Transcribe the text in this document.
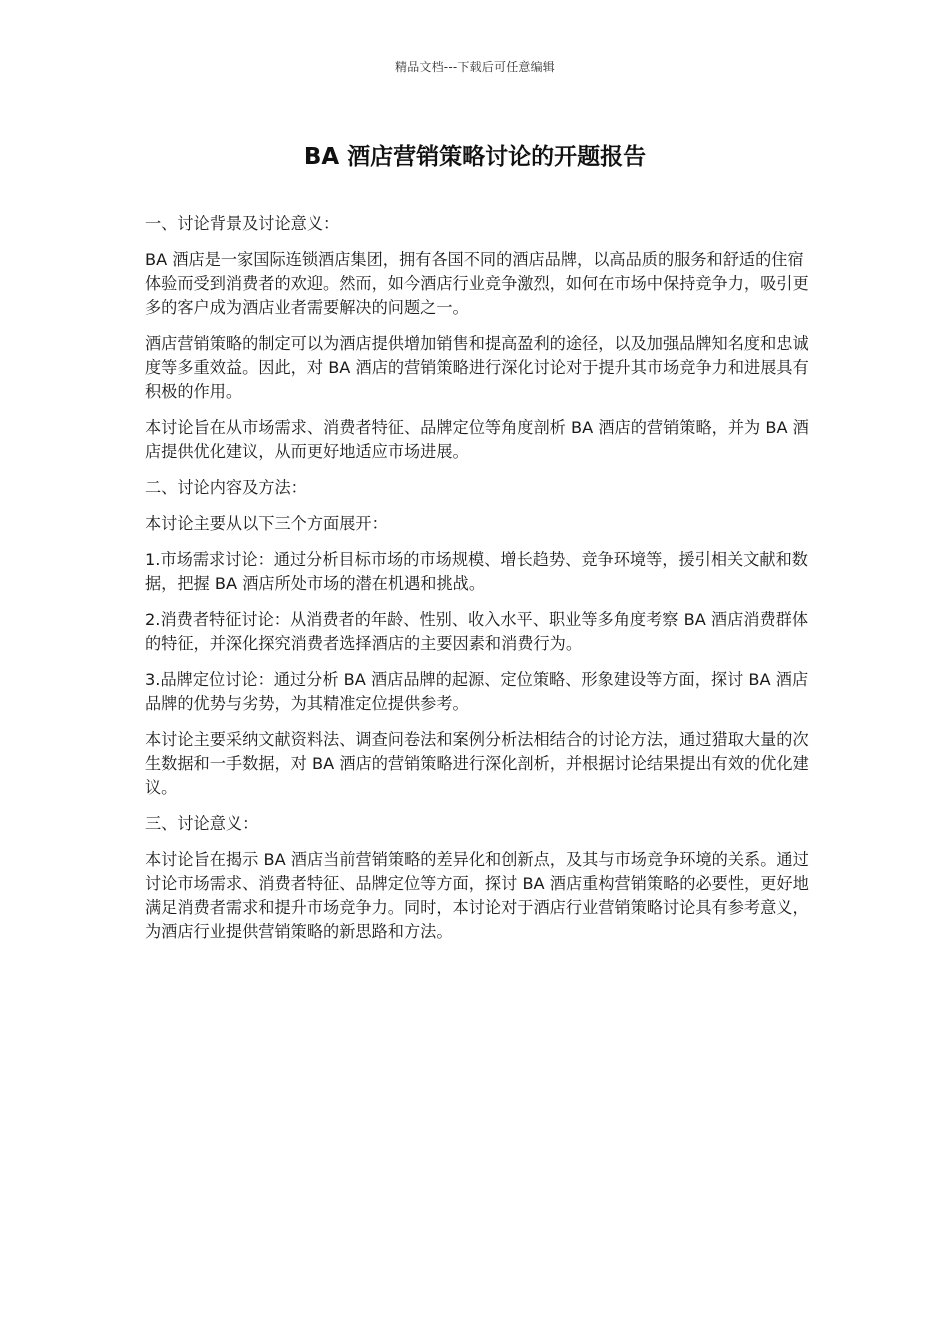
精品文档---下载后可任意编辑
BA 酒店营销策略讨论的开题报告

一、讨论背景及讨论意义：

BA 酒店是一家国际连锁酒店集团，拥有各国不同的酒店品牌，以高品质的服务和舒适的住宿体验而受到消费者的欢迎。然而，如今酒店行业竞争激烈，如何在市场中保持竞争力，吸引更多的客户成为酒店业者需要解决的问题之一。

酒店营销策略的制定可以为酒店提供增加销售和提高盈利的途径，以及加强品牌知名度和忠诚度等多重效益。因此，对 BA 酒店的营销策略进行深化讨论对于提升其市场竞争力和进展具有积极的作用。

本讨论旨在从市场需求、消费者特征、品牌定位等角度剖析 BA 酒店的营销策略，并为 BA 酒店提供优化建议，从而更好地适应市场进展。

二、讨论内容及方法：

本讨论主要从以下三个方面展开：

1.市场需求讨论：通过分析目标市场的市场规模、增长趋势、竞争环境等，援引相关文献和数据，把握 BA 酒店所处市场的潜在机遇和挑战。

2.消费者特征讨论：从消费者的年龄、性别、收入水平、职业等多角度考察 BA 酒店消费群体的特征，并深化探究消费者选择酒店的主要因素和消费行为。

3.品牌定位讨论：通过分析 BA 酒店品牌的起源、定位策略、形象建设等方面，探讨 BA 酒店品牌的优势与劣势，为其精准定位提供参考。

本讨论主要采纳文献资料法、调查问卷法和案例分析法相结合的讨论方法，通过猎取大量的次生数据和一手数据，对 BA 酒店的营销策略进行深化剖析，并根据讨论结果提出有效的优化建议。

三、讨论意义：

本讨论旨在揭示 BA 酒店当前营销策略的差异化和创新点，及其与市场竞争环境的关系。通过讨论市场需求、消费者特征、品牌定位等方面，探讨 BA 酒店重构营销策略的必要性，更好地满足消费者需求和提升市场竞争力。同时，本讨论对于酒店行业营销策略讨论具有参考意义，为酒店行业提供营销策略的新思路和方法。
